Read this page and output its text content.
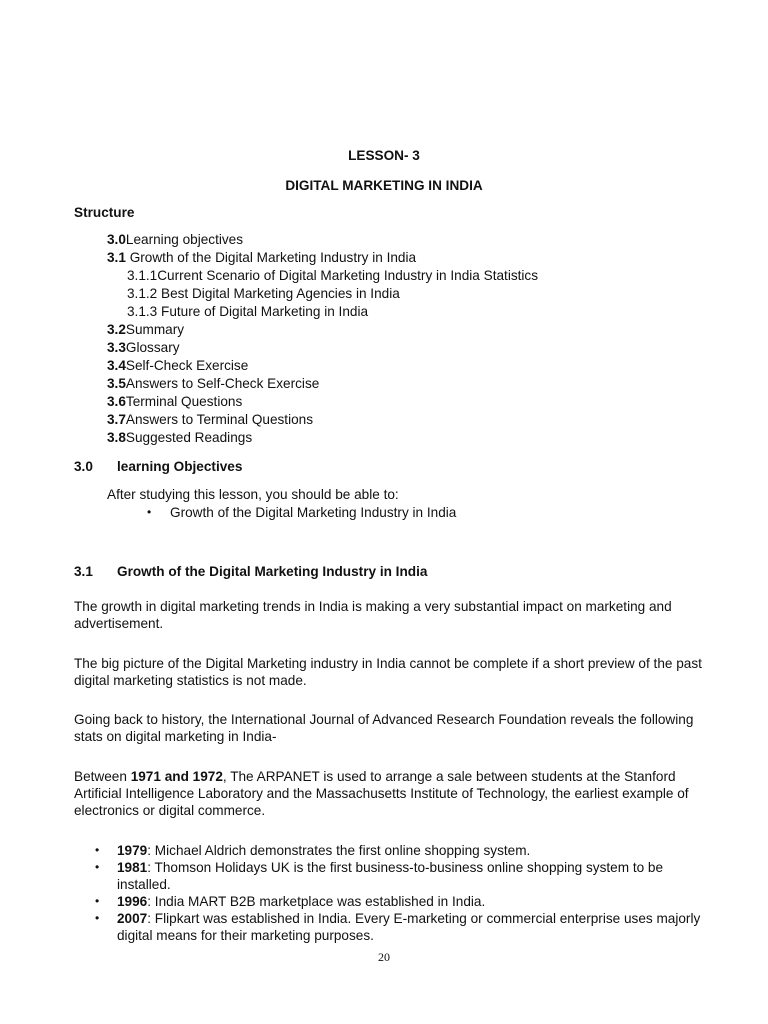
LESSON- 3
DIGITAL MARKETING IN INDIA
Structure
3.0Learning objectives
3.1 Growth of the Digital Marketing Industry in India
3.1.1Current Scenario of Digital Marketing Industry in India Statistics
3.1.2 Best Digital Marketing Agencies in India
3.1.3 Future of Digital Marketing in India
3.2Summary
3.3Glossary
3.4Self-Check Exercise
3.5Answers to Self-Check Exercise
3.6Terminal Questions
3.7Answers to Terminal Questions
3.8Suggested Readings
3.0 learning Objectives
After studying this lesson, you should be able to:
• Growth of the Digital Marketing Industry in India
3.1 Growth of the Digital Marketing Industry in India
The growth in digital marketing trends in India is making a very substantial impact on marketing and advertisement.
The big picture of the Digital Marketing industry in India cannot be complete if a short preview of the past digital marketing statistics is not made.
Going back to history, the International Journal of Advanced Research Foundation reveals the following stats on digital marketing in India-
Between 1971 and 1972, The ARPANET is used to arrange a sale between students at the Stanford Artificial Intelligence Laboratory and the Massachusetts Institute of Technology, the earliest example of electronics or digital commerce.
• 1979: Michael Aldrich demonstrates the first online shopping system.
• 1981: Thomson Holidays UK is the first business-to-business online shopping system to be installed.
• 1996: India MART B2B marketplace was established in India.
• 2007: Flipkart was established in India. Every E-marketing or commercial enterprise uses majorly digital means for their marketing purposes.
20
